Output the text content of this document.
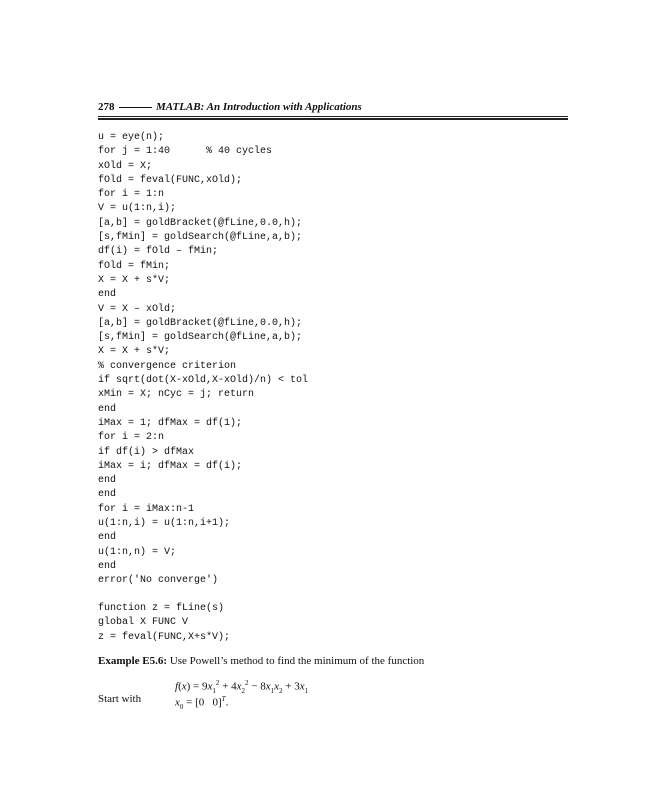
278	MATLAB: An Introduction with Applications
u = eye(n);
for j = 1:40      % 40 cycles
xOld = X;
fOld = feval(FUNC,xOld);
for i = 1:n
V = u(1:n,i);
[a,b] = goldBracket(@fLine,0.0,h);
[s,fMin] = goldSearch(@fLine,a,b);
df(i) = fOld – fMin;
fOld = fMin;
X = X + s*V;
end
V = X – xOld;
[a,b] = goldBracket(@fLine,0.0,h);
[s,fMin] = goldSearch(@fLine,a,b);
X = X + s*V;
% convergence criterion
if sqrt(dot(X-xOld,X-xOld)/n) < tol
xMin = X; nCyc = j; return
end
iMax = 1; dfMax = df(1);
for i = 2:n
if df(i) > dfMax
iMax = i; dfMax = df(i);
end
end
for i = iMax:n-1
u(1:n,i) = u(1:n,i+1);
end
u(1:n,n) = V;
end
error('No converge')
function z = fLine(s)
global X FUNC V
z = feval(FUNC,X+s*V);
Example E5.6: Use Powell’s method to find the minimum of the function
$f(x) = 9x_1^2 + 4x_2^2 - 8x_1x_2 + 3x_1$
Start with	$x_0 = [0$   0]$^T$.
